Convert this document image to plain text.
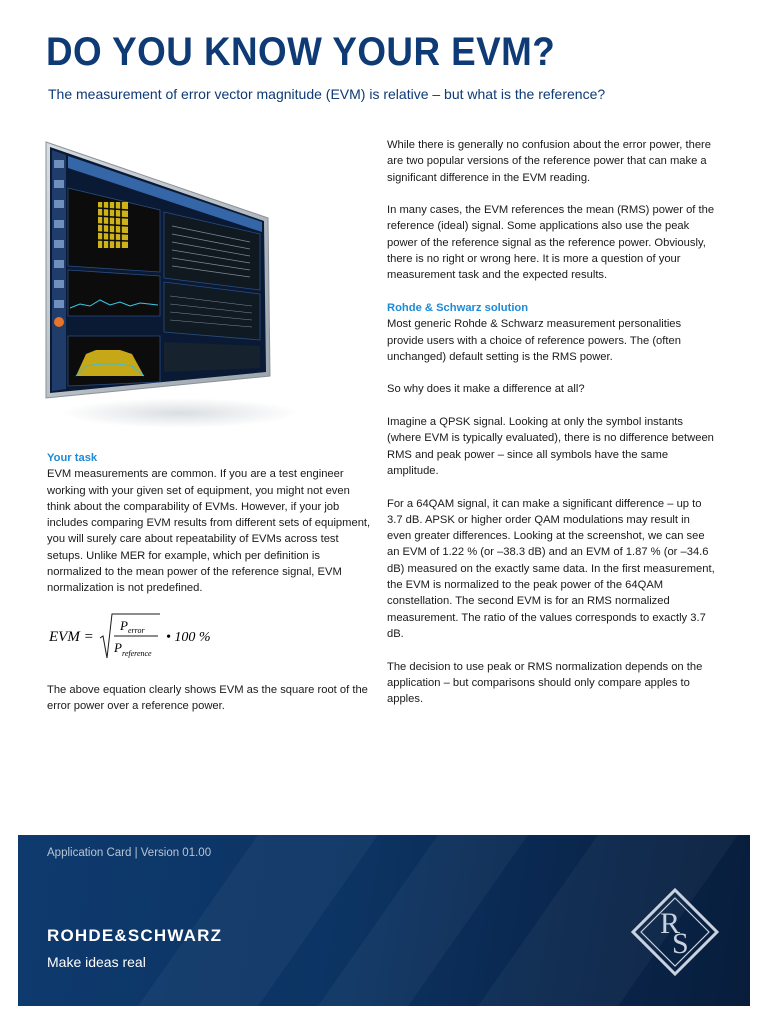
DO YOU KNOW YOUR EVM?
The measurement of error vector magnitude (EVM) is relative – but what is the reference?
Your task

EVM measurements are common. If you are a test engineer working with your given set of equipment, you might not even think about the comparability of EVMs. However, if your job includes comparing EVM results from different sets of equipment, you will surely care about repeatability of EVMs across test setups. Unlike MER for example, which per definition is normalized to the mean power of the reference signal, EVM normalization is not predefined.

EVM =
P error
P reference
• 100 %
The above equation clearly shows EVM as the square root of the error power over a reference power.

While there is generally no confusion about the error power, there are two popular versions of the reference power that can make a significant difference in the EVM reading.

In many cases, the EVM references the mean (RMS) power of the reference (ideal) signal. Some applications also use the peak power of the reference signal as the reference power. Obviously, there is no right or wrong here. It is more a question of your measurement task and the expected results.

Rohde & Schwarz solution

Most generic Rohde & Schwarz measurement personalities provide users with a choice of reference powers. The (often unchanged) default setting is the RMS power.

So why does it make a difference at all?

Imagine a QPSK signal. Looking at only the symbol instants (where EVM is typically evaluated), there is no difference between RMS and peak power – since all symbols have the same amplitude.

For a 64QAM signal, it can make a significant difference – up to 3.7 dB. APSK or higher order QAM modulations may result in even greater differences. Looking at the screenshot, we can see an EVM of 1.22 % (or –38.3 dB) and an EVM of 1.87 % (or –34.6 dB) measured on the exactly same data. In the first measurement, the EVM is normalized to the peak power of the 64QAM constellation. The second EVM is for an RMS normalized measurement. The ratio of the values corresponds to exactly 3.7 dB.

The decision to use peak or RMS normalization depends on the application – but comparisons should only compare apples to apples.

Application Card | Version 01.00
ROHDE&SCHWARZ
Make ideas real
R
S
